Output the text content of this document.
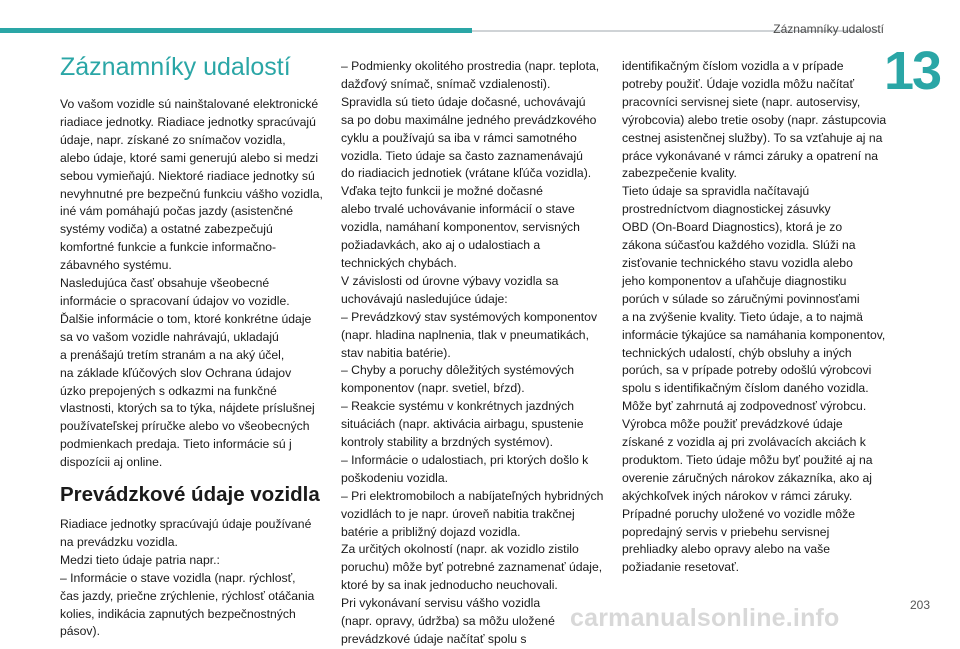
Záznamníky udalostí
13
Záznamníky udalostí

Vo vašom vozidle sú nainštalované elektronické
riadiace jednotky. Riadiace jednotky spracúvajú
údaje, napr. získané zo snímačov vozidla,
alebo údaje, ktoré sami generujú alebo si medzi
sebou vymieňajú. Niektoré riadiace jednotky sú
nevyhnutné pre bezpečnú funkciu vášho vozidla,
iné vám pomáhajú počas jazdy (asistenčné
systémy vodiča) a ostatné zabezpečujú
komfortné funkcie a funkcie informačno-
zábavného systému.
Nasledujúca časť obsahuje všeobecné
informácie o spracovaní údajov vo vozidle.
Ďalšie informácie o tom, ktoré konkrétne údaje
sa vo vašom vozidle nahrávajú, ukladajú
a prenášajú tretím stranám a na aký účel,
na základe kľúčových slov Ochrana údajov
úzko prepojených s odkazmi na funkčné
vlastnosti, ktorých sa to týka, nájdete príslušnej
používateľskej príručke alebo vo všeobecných
podmienkach predaja. Tieto informácie sú j
dispozícii aj online.

Prevádzkové údaje vozidla

Riadiace jednotky spracúvajú údaje používané
na prevádzku vozidla.
Medzi tieto údaje patria napr.:
– Informácie o stave vozidla (napr. rýchlosť,
čas jazdy, priečne zrýchlenie, rýchlosť otáčania
kolies, indikácia zapnutých bezpečnostných
pásov).

– Podmienky okolitého prostredia (napr. teplota,
dažďový snímač, snímač vzdialenosti).
Spravidla sú tieto údaje dočasné, uchovávajú
sa po dobu maximálne jedného prevádzkového
cyklu a používajú sa iba v rámci samotného
vozidla. Tieto údaje sa často zaznamenávajú
do riadiacich jednotiek (vrátane kľúča vozidla).
Vďaka tejto funkcii je možné dočasné
alebo trvalé uchovávanie informácií o stave
vozidla, namáhaní komponentov, servisných
požiadavkách, ako aj o udalostiach a
technických chybách.
V závislosti od úrovne výbavy vozidla sa
uchovávajú nasledujúce údaje:
– Prevádzkový stav systémových komponentov
(napr. hladina naplnenia, tlak v pneumatikách,
stav nabitia batérie).
– Chyby a poruchy dôležitých systémových
komponentov (napr. svetiel, bŕzd).
– Reakcie systému v konkrétnych jazdných
situáciách (napr. aktivácia airbagu, spustenie
kontroly stability a brzdných systémov).
– Informácie o udalostiach, pri ktorých došlo k
poškodeniu vozidla.
– Pri elektromobiloch a nabíjateľných hybridných
vozidlách to je napr. úroveň nabitia trakčnej
batérie a približný dojazd vozidla.
Za určitých okolností (napr. ak vozidlo zistilo
poruchu) môže byť potrebné zaznamenať údaje,
ktoré by sa inak jednoducho neuchovali.
Pri vykonávaní servisu vášho vozidla
(napr. opravy, údržba) sa môžu uložené
prevádzkové údaje načítať spolu s

identifikačným číslom vozidla a v prípade
potreby použiť. Údaje vozidla môžu načítať
pracovníci servisnej siete (napr. autoservisy,
výrobcovia) alebo tretie osoby (napr. zástupcovia
cestnej asistenčnej služby). To sa vzťahuje aj na
práce vykonávané v rámci záruky a opatrení na
zabezpečenie kvality.
Tieto údaje sa spravidla načítavajú
prostredníctvom diagnostickej zásuvky
OBD (On-Board Diagnostics), ktorá je zo
zákona súčasťou každého vozidla. Slúži na
zisťovanie technického stavu vozidla alebo
jeho komponentov a uľahčuje diagnostiku
porúch v súlade so záručnými povinnosťami
a na zvýšenie kvality. Tieto údaje, a to najmä
informácie týkajúce sa namáhania komponentov,
technických udalostí, chýb obsluhy a iných
porúch, sa v prípade potreby odošlú výrobcovi
spolu s identifikačným číslom daného vozidla.
Môže byť zahrnutá aj zodpovednosť výrobcu.
Výrobca môže použiť prevádzkové údaje
získané z vozidla aj pri zvolávacích akciách k
produktom. Tieto údaje môžu byť použité aj na
overenie záručných nárokov zákazníka, ako aj
akýchkoľvek iných nárokov v rámci záruky.
Prípadné poruchy uložené vo vozidle môže
popredajný servis v priebehu servisnej
prehliadky alebo opravy alebo na vaše
požiadanie resetovať.

carmanualsonline.info	203
